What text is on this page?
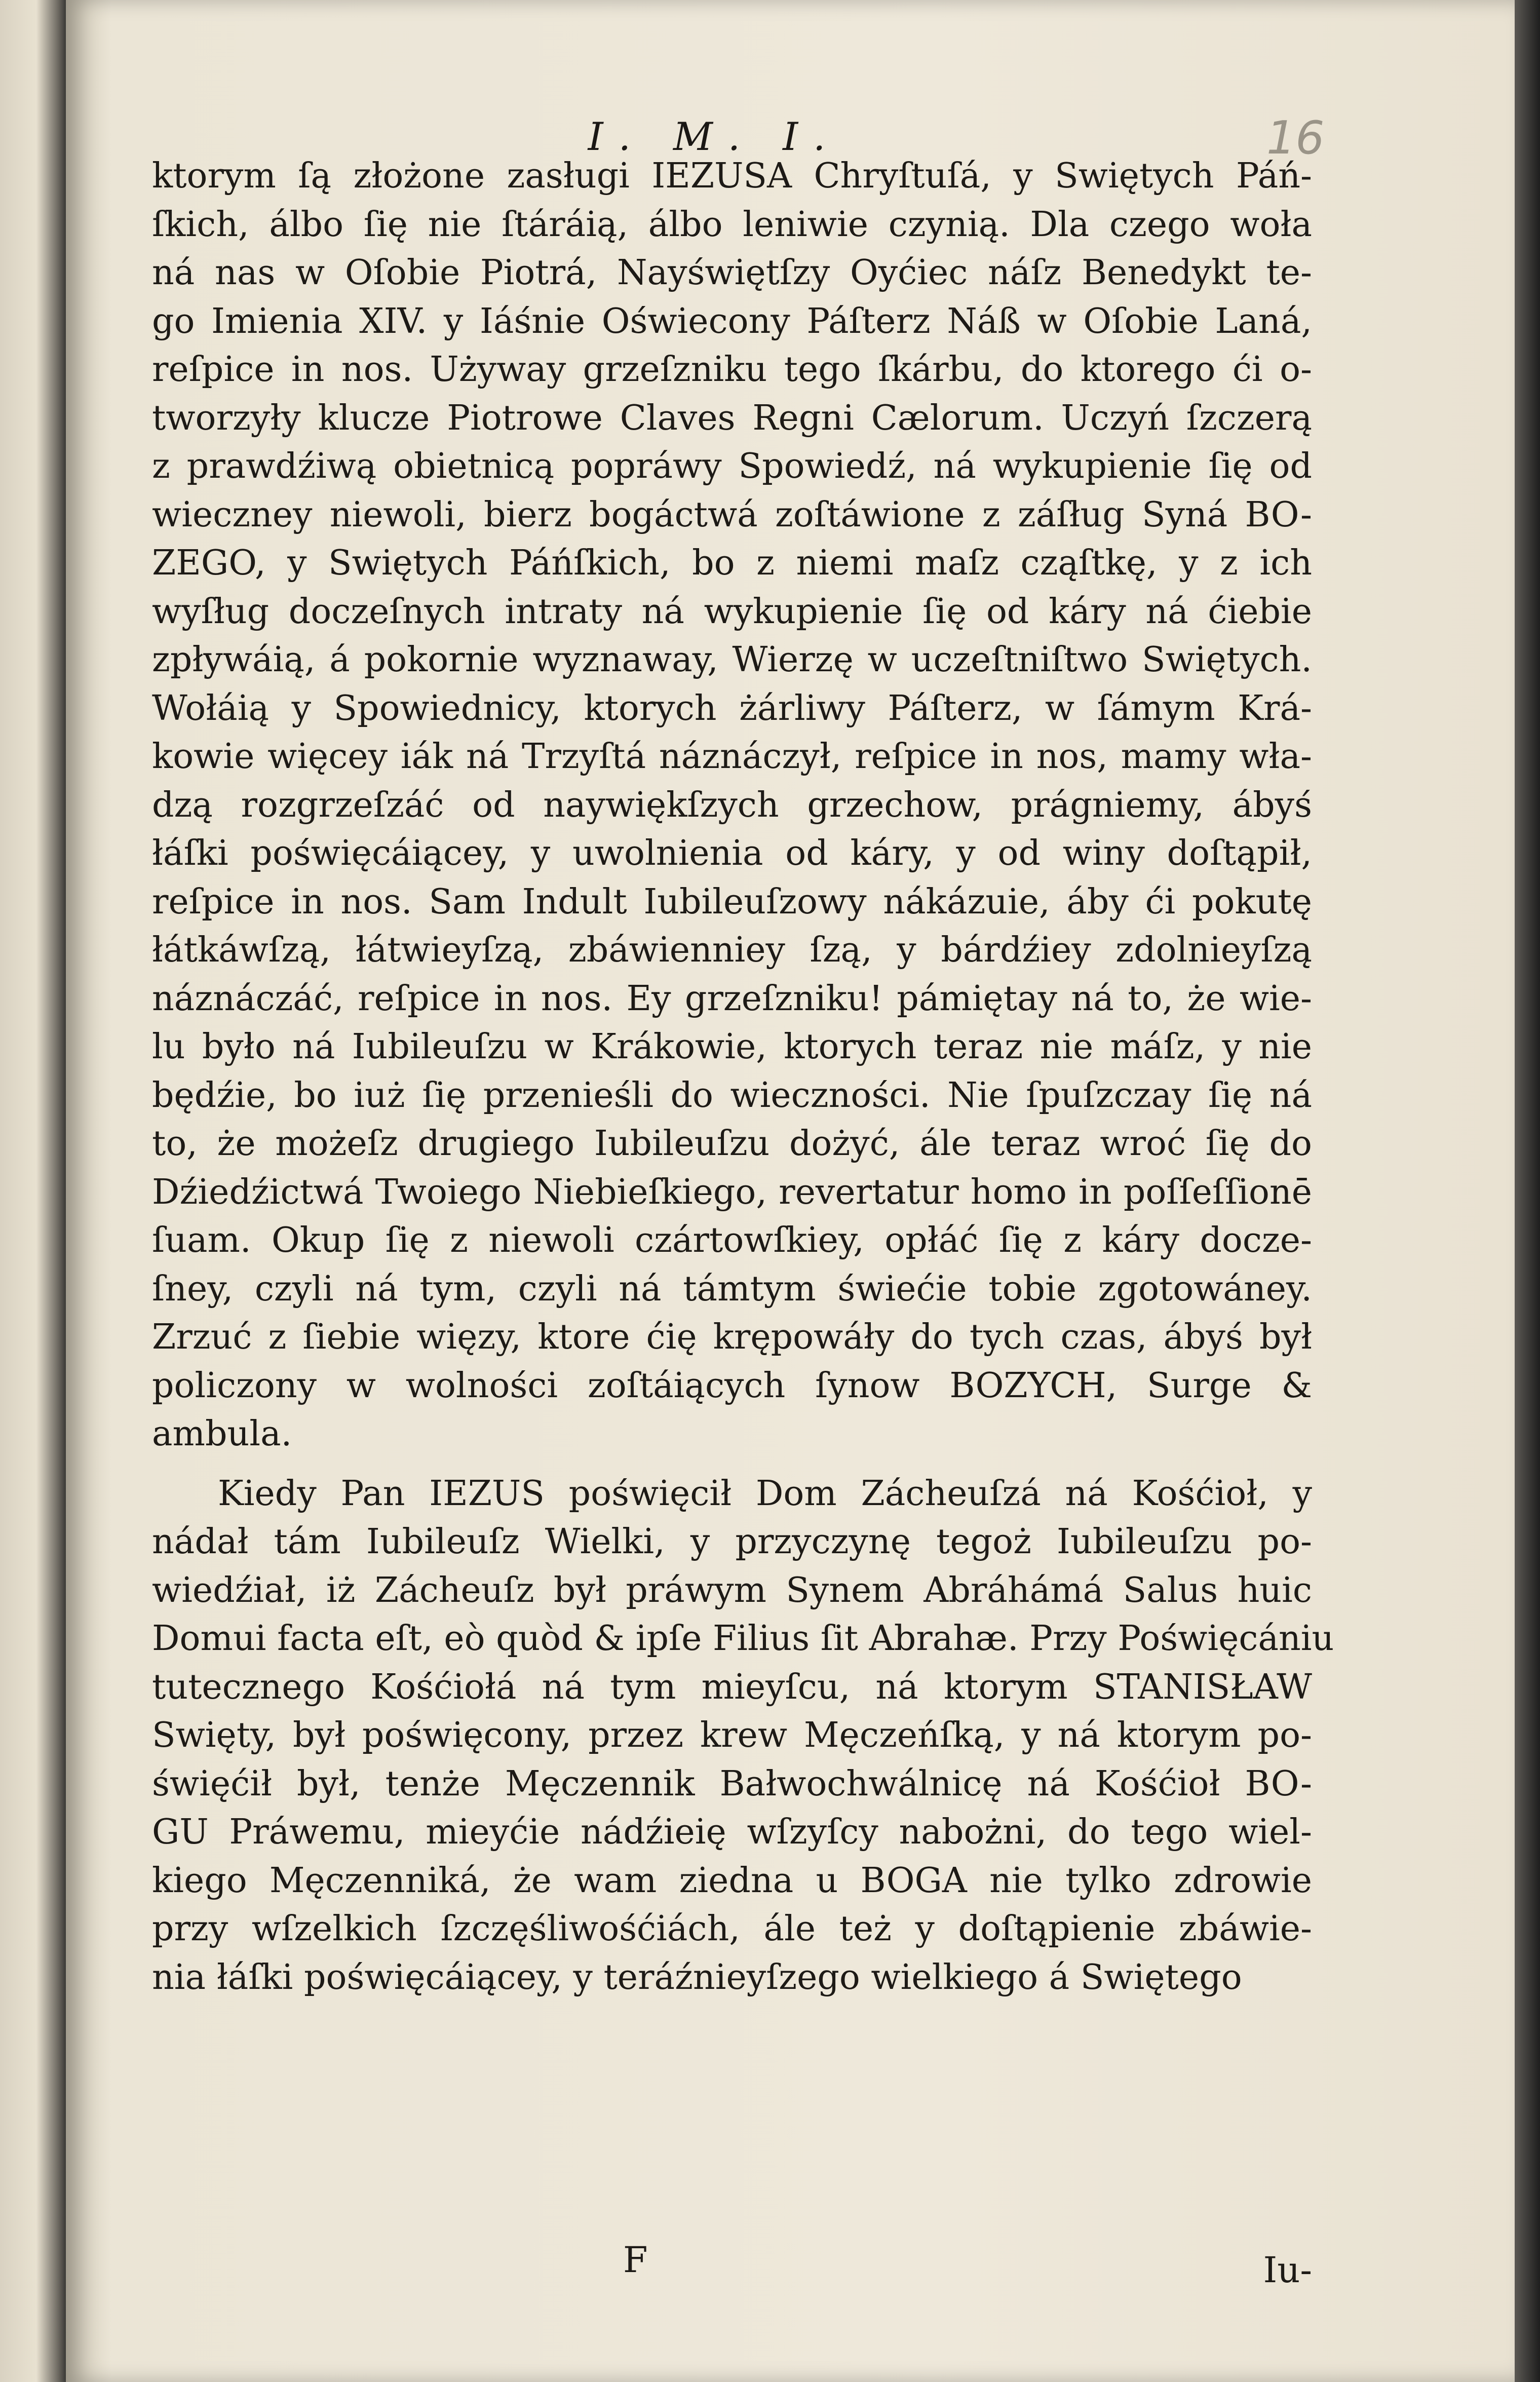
I. M. I.	16
ktorym ſą złożone zasługi IEZUSA Chryſtuſá, y Swiętych Páń-
ſkich, álbo ſię nie ſtáráią, álbo leniwie czynią. Dla czego woła
ná nas w Oſobie Piotrá, Nayświętſzy Oyćiec náſz Benedykt te-
go Imienia XIV. y Iáśnie Oświecony Páſterz Náß w Oſobie Laná,
reſpice in nos. Używay grzeſzniku tego ſkárbu, do ktorego ći o-
tworzyły klucze Piotrowe Claves Regni Cælorum. Uczyń ſzczerą
z prawdźiwą obietnicą popráwy Spowiedź, ná wykupienie ſię od
wieczney niewoli, bierz bogáctwá zoſtáwione z záſług Syná BO-
ZEGO, y Swiętych Páńſkich, bo z niemi maſz cząſtkę, y z ich
wyſług doczeſnych intraty ná wykupienie ſię od káry ná ćiebie
zpływáią, á pokornie wyznaway, Wierzę w uczeſtniſtwo Swiętych.
Wołáią y Spowiednicy, ktorych żárliwy Páſterz, w ſámym Krá-
kowie więcey iák ná Trzyſtá náznáczył, reſpice in nos, mamy wła-
dzą rozgrzeſzáć od naywiękſzych grzechow, prágniemy, ábyś
łáſki poświęcáiącey, y uwolnienia od káry, y od winy doſtąpił,
reſpice in nos. Sam Indult Iubileuſzowy nákázuie, áby ći pokutę
łátkáwſzą, łátwieyſzą, zbáwienniey ſzą, y bárdźiey zdolnieyſzą
náznáczáć, reſpice in nos. Ey grzeſzniku! pámiętay ná to, że wie-
lu było ná Iubileuſzu w Krákowie, ktorych teraz nie máſz, y nie
będźie, bo iuż ſię przenieśli do wieczności. Nie ſpuſzczay ſię ná
to, że możeſz drugiego Iubileuſzu dożyć, ále teraz wroć ſię do
Dźiedźictwá Twoiego Niebieſkiego, revertatur homo in poſſeſſionē
ſuam. Okup ſię z niewoli czártowſkiey, opłáć ſię z káry docze-
ſney, czyli ná tym, czyli ná támtym świećie tobie zgotowáney.
Zrzuć z ſiebie więzy, ktore ćię krępowáły do tych czas, ábyś był
policzony w wolności zoſtáiących ſynow BOZYCH, Surge &
ambula.
Kiedy Pan IEZUS poświęcił Dom Zácheuſzá ná Kośćioł, y
nádał tám Iubileuſz Wielki, y przyczynę tegoż Iubileuſzu po-
wiedźiał, iż Zácheuſz był práwym Synem Abráhámá Salus huic
Domui facta eſt, eò quòd & ipſe Filius ſit Abrahæ. Przy Poświęcániu
tutecznego Kośćiołá ná tym mieyſcu, ná ktorym STANISŁAW
Swięty, był poświęcony, przez krew Męczeńſką, y ná ktorym po-
święćił był, tenże Męczennik Bałwochwálnicę ná Kośćioł BO-
GU Práwemu, mieyćie nádźieię wſzyſcy nabożni, do tego wiel-
kiego Męczenniká, że wam ziedna u BOGA nie tylko zdrowie
przy wſzelkich ſzczęśliwośćiách, ále też y doſtąpienie zbáwie-
nia łáſki poświęcáiącey, y teráźnieyſzego wielkiego á Swiętego
F	Iu-
